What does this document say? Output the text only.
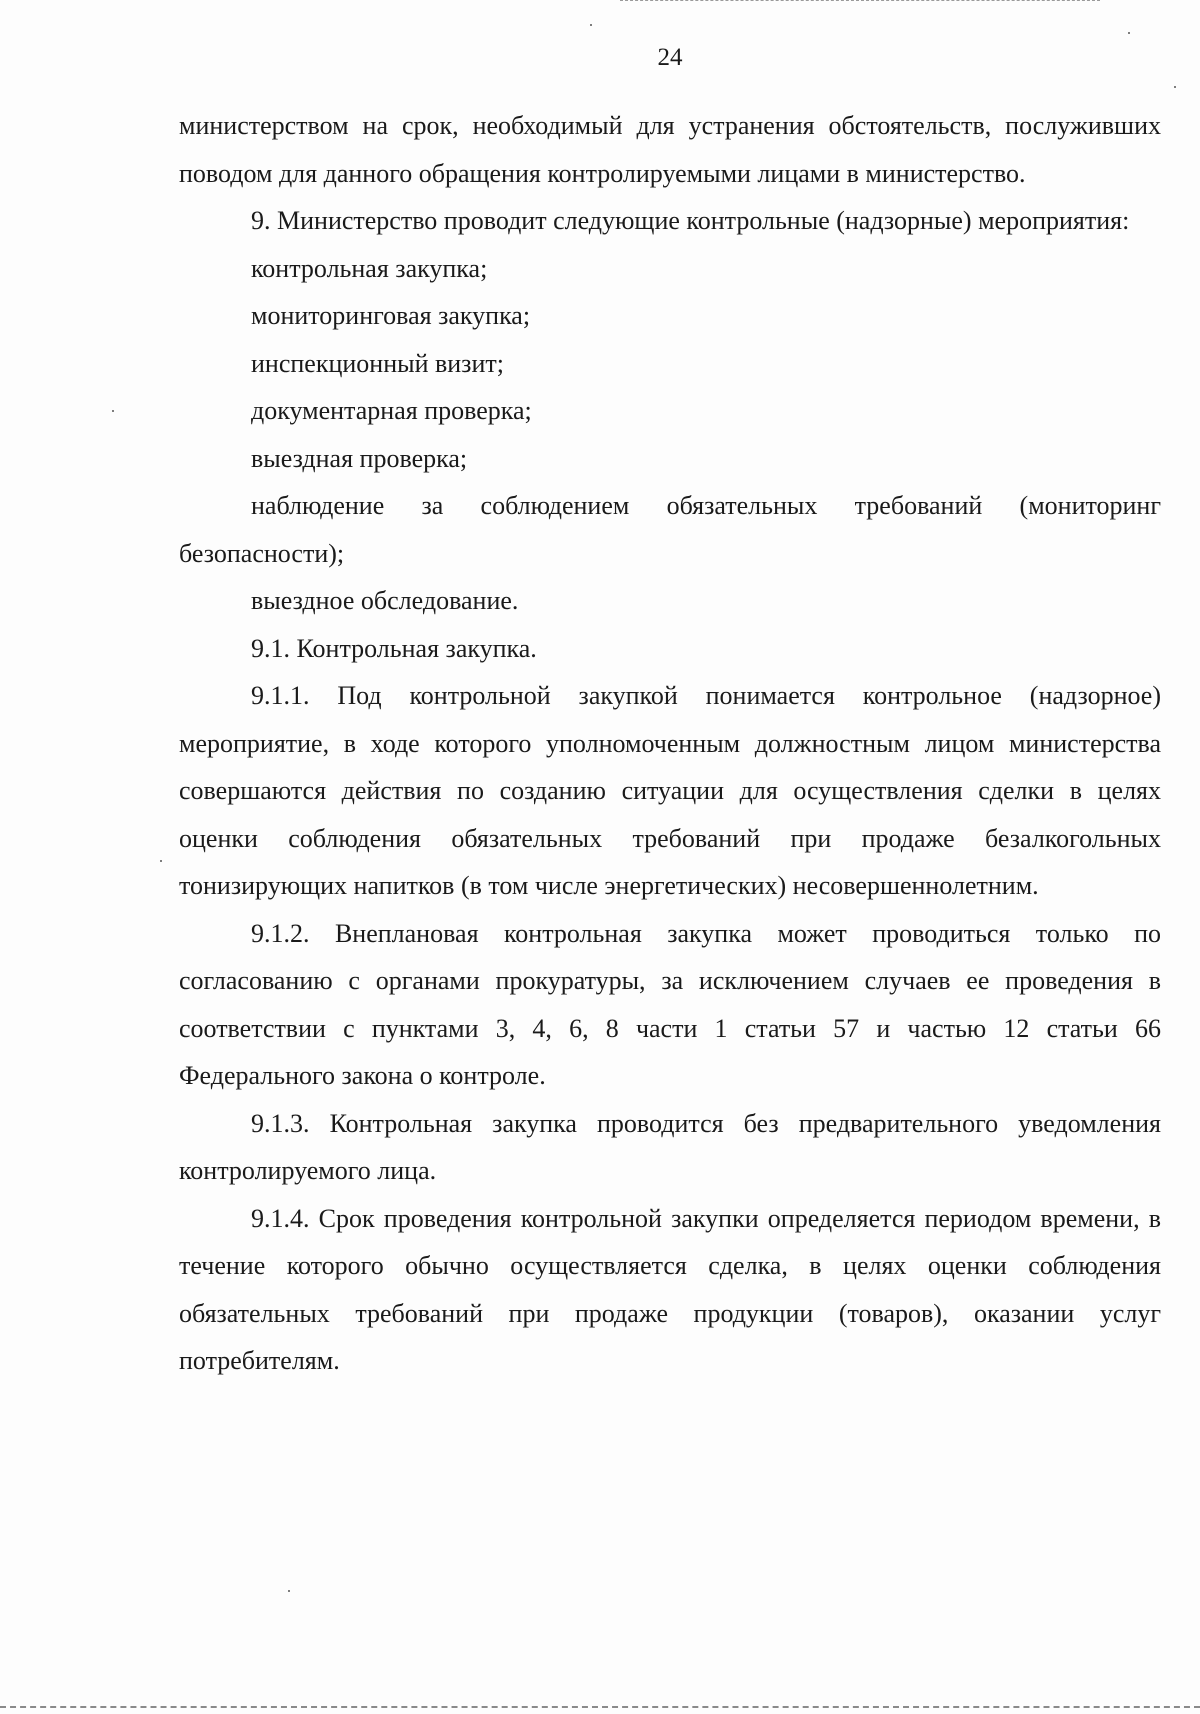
24

министерством на срок, необходимый для устранения обстоятельств, послуживших поводом для данного обращения контролируемыми лицами в министерство.

9. Министерство проводит следующие контрольные (надзорные) мероприятия:

контрольная закупка;

мониторинговая закупка;

инспекционный визит;

документарная проверка;

выездная проверка;

наблюдение за соблюдением обязательных требований (мониторинг безопасности);

выездное обследование.

9.1. Контрольная закупка.

9.1.1. Под контрольной закупкой понимается контрольное (надзорное) мероприятие, в ходе которого уполномоченным должностным лицом министерства совершаются действия по созданию ситуации для осуществления сделки в целях оценки соблюдения обязательных требований при продаже безалкогольных тонизирующих напитков (в том числе энергетических) несовершеннолетним.

9.1.2. Внеплановая контрольная закупка может проводиться только по согласованию с органами прокуратуры, за исключением случаев ее проведения в соответствии с пунктами 3, 4, 6, 8 части 1 статьи 57 и частью 12 статьи 66 Федерального закона о контроле.

9.1.3. Контрольная закупка проводится без предварительного уведомления контролируемого лица.

9.1.4. Срок проведения контрольной закупки определяется периодом времени, в течение которого обычно осуществляется сделка, в целях оценки соблюдения обязательных требований при продаже продукции (товаров), оказании услуг потребителям.
